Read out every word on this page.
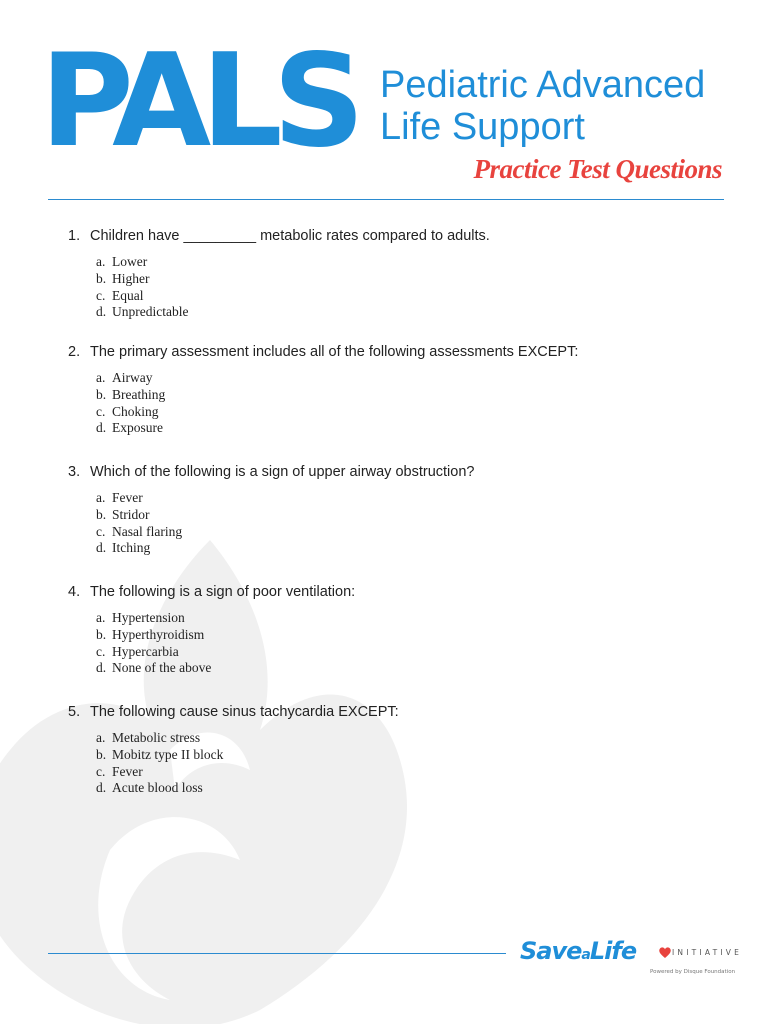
PALS Pediatric Advanced
Life Support
Practice Test Questions
1. Children have _________ metabolic rates compared to adults.
a. Lower
b. Higher
c. Equal
d. Unpredictable
2. The primary assessment includes all of the following assessments EXCEPT:
a. Airway
b. Breathing
c. Choking
d. Exposure
3. Which of the following is a sign of upper airway obstruction?
a. Fever
b. Stridor
c. Nasal flaring
d. Itching
4. The following is a sign of poor ventilation:
a. Hypertension
b. Hyperthyroidism
c. Hypercarbia
d. None of the above
5. The following cause sinus tachycardia EXCEPT:
a. Metabolic stress
b. Mobitz type II block
c. Fever
d. Acute blood loss
SaveaLife	INITIATIVE
Powered by Disque Foundation
